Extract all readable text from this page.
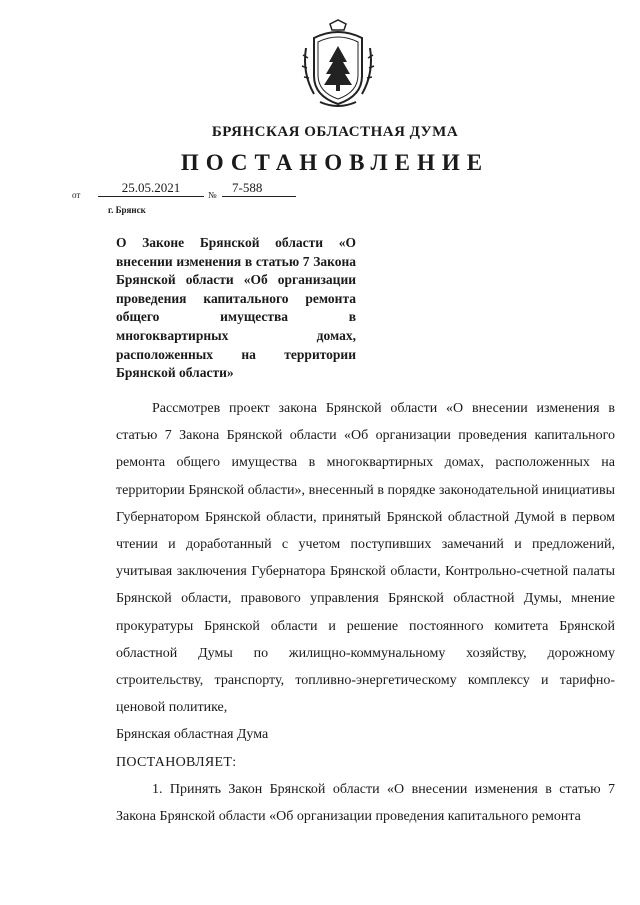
БРЯНСКАЯ ОБЛАСТНАЯ ДУМА
ПОСТАНОВЛЕНИЕ
от	25.05.2021	№	7-588
г. Брянск
О Законе Брянской области «О внесении изменения в статью 7 Закона Брянской области «Об организации проведения капитального ремонта общего имущества в многоквартирных домах, расположенных на территории Брянской области»

Рассмотрев проект закона Брянской области «О внесении изменения в статью 7 Закона Брянской области «Об организации проведения капитального ремонта общего имущества в многоквартирных домах, расположенных на территории Брянской области», внесенный в порядке законодательной инициативы Губернатором Брянской области, принятый Брянской областной Думой в первом чтении и доработанный с учетом поступивших замечаний и предложений, учитывая заключения Губернатора Брянской области, Контрольно-счетной палаты Брянской области, правового управления Брянской областной Думы, мнение прокуратуры Брянской области и решение постоянного комитета Брянской областной Думы по жилищно-коммунальному хозяйству, дорожному строительству, транспорту, топливно-энергетическому комплексу и тарифно-ценовой политике,

Брянская областная Дума

ПОСТАНОВЛЯЕТ:

1. Принять Закон Брянской области «О внесении изменения в статью 7 Закона Брянской области «Об организации проведения капитального ремонта
